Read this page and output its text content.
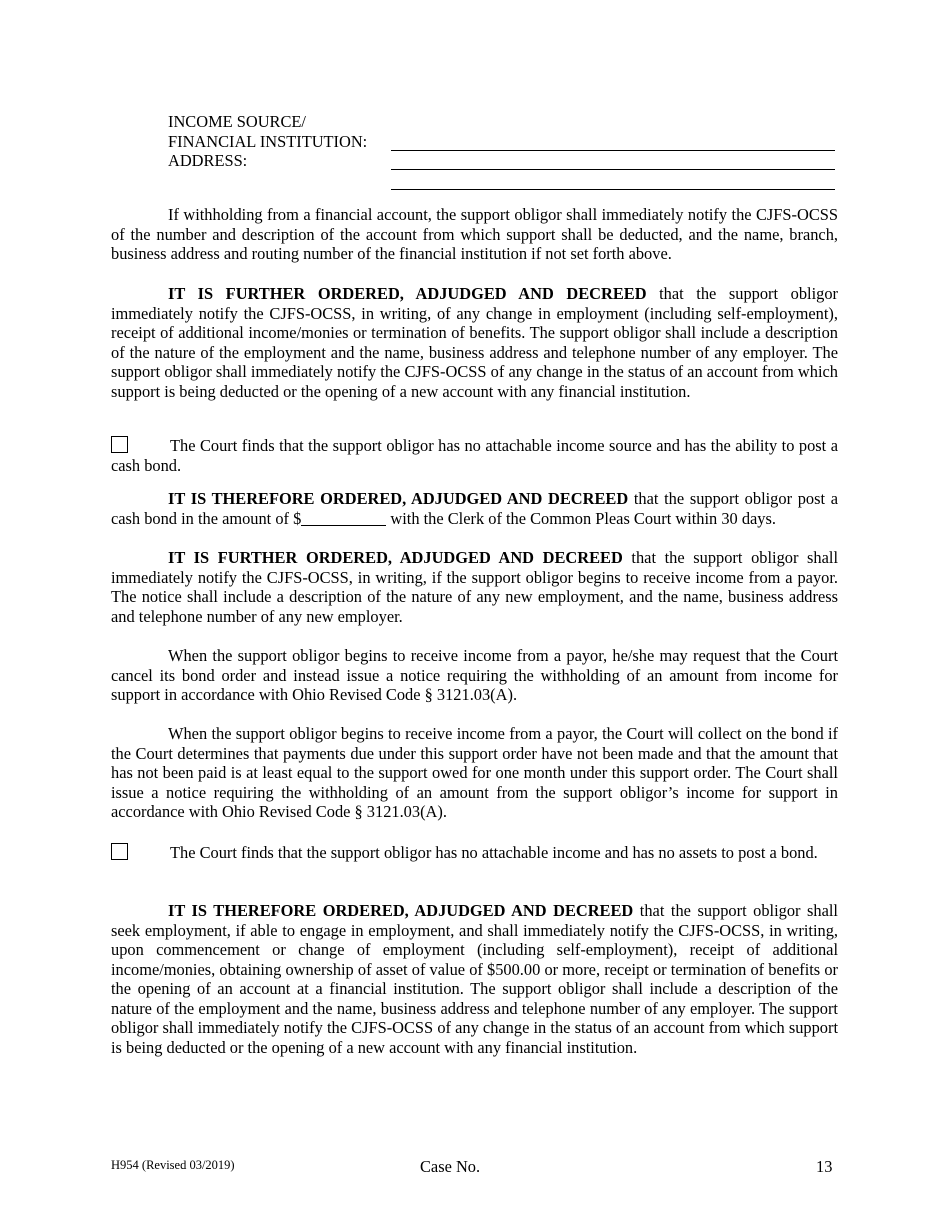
INCOME SOURCE/
FINANCIAL INSTITUTION:
ADDRESS:

If withholding from a financial account, the support obligor shall immediately notify the CJFS-OCSS of the number and description of the account from which support shall be deducted, and the name, branch, business address and routing number of the financial institution if not set forth above.

IT IS FURTHER ORDERED, ADJUDGED AND DECREED that the support obligor immediately notify the CJFS-OCSS, in writing, of any change in employment (including self-employment), receipt of additional income/monies or termination of benefits. The support obligor shall include a description of the nature of the employment and the name, business address and telephone number of any employer. The support obligor shall immediately notify the CJFS-OCSS of any change in the status of an account from which support is being deducted or the opening of a new account with any financial institution.

The Court finds that the support obligor has no attachable income source and has the ability to post a cash bond.

IT IS THEREFORE ORDERED, ADJUDGED AND DECREED that the support obligor post a cash bond in the amount of $	with the Clerk of the Common Pleas Court within 30 days.

IT IS FURTHER ORDERED, ADJUDGED AND DECREED that the support obligor shall immediately notify the CJFS-OCSS, in writing, if the support obligor begins to receive income from a payor. The notice shall include a description of the nature of any new employment, and the name, business address and telephone number of any new employer.

When the support obligor begins to receive income from a payor, he/she may request that the Court cancel its bond order and instead issue a notice requiring the withholding of an amount from income for support in accordance with Ohio Revised Code § 3121.03(A).

When the support obligor begins to receive income from a payor, the Court will collect on the bond if the Court determines that payments due under this support order have not been made and that the amount that has not been paid is at least equal to the support owed for one month under this support order. The Court shall issue a notice requiring the withholding of an amount from the support obligor’s income for support in accordance with Ohio Revised Code § 3121.03(A).

The Court finds that the support obligor has no attachable income and has no assets to post a bond.

IT IS THEREFORE ORDERED, ADJUDGED AND DECREED that the support obligor shall seek employment, if able to engage in employment, and shall immediately notify the CJFS-OCSS, in writing, upon commencement or change of employment (including self-employment), receipt of additional income/monies, obtaining ownership of asset of value of $500.00 or more, receipt or termination of benefits or the opening of an account at a financial institution. The support obligor shall include a description of the nature of the employment and the name, business address and telephone number of any employer. The support obligor shall immediately notify the CJFS-OCSS of any change in the status of an account from which support is being deducted or the opening of a new account with any financial institution.

H954 (Revised 03/2019)	Case No.	13
